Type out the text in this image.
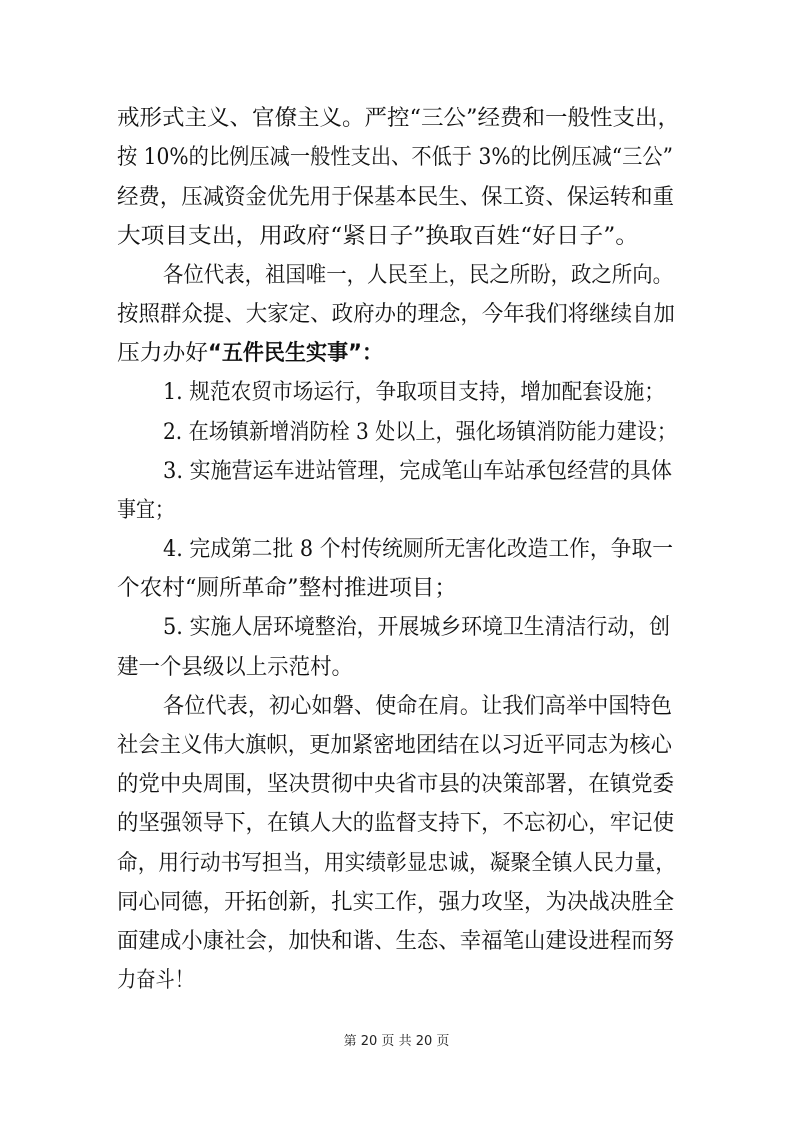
戒形式主义、官僚主义。严控“三公”经费和一般性支出，
按 10%的比例压减一般性支出、不低于 3%的比例压减“三公”
经费，压减资金优先用于保基本民生、保工资、保运转和重
大项目支出，用政府“紧日子”换取百姓“好日子”。
各位代表，祖国唯一，人民至上，民之所盼，政之所向。
按照群众提、大家定、政府办的理念，今年我们将继续自加
压力办好 “五件民生实事”：
1. 规范农贸市场运行，争取项目支持，增加配套设施；
2. 在场镇新增消防栓 3 处以上，强化场镇消防能力建设；
3. 实施营运车进站管理，完成笔山车站承包经营的具体
事宜；
4. 完成第二批 8 个村传统厕所无害化改造工作，争取一
个农村“厕所革命”整村推进项目；
5. 实施人居环境整治，开展城乡环境卫生清洁行动，创
建一个县级以上示范村。
各位代表，初心如磐、使命在肩。让我们高举中国特色
社会主义伟大旗帜，更加紧密地团结在以习近平同志为核心
的党中央周围，坚决贯彻中央省市县的决策部署，在镇党委
的坚强领导下，在镇人大的监督支持下，不忘初心，牢记使
命，用行动书写担当，用实绩彰显忠诚，凝聚全镇人民力量，
同心同德，开拓创新，扎实工作，强力攻坚，为决战决胜全
面建成小康社会，加快和谐、生态、幸福笔山建设进程而努
力奋斗！
第 20 页 共 20 页
